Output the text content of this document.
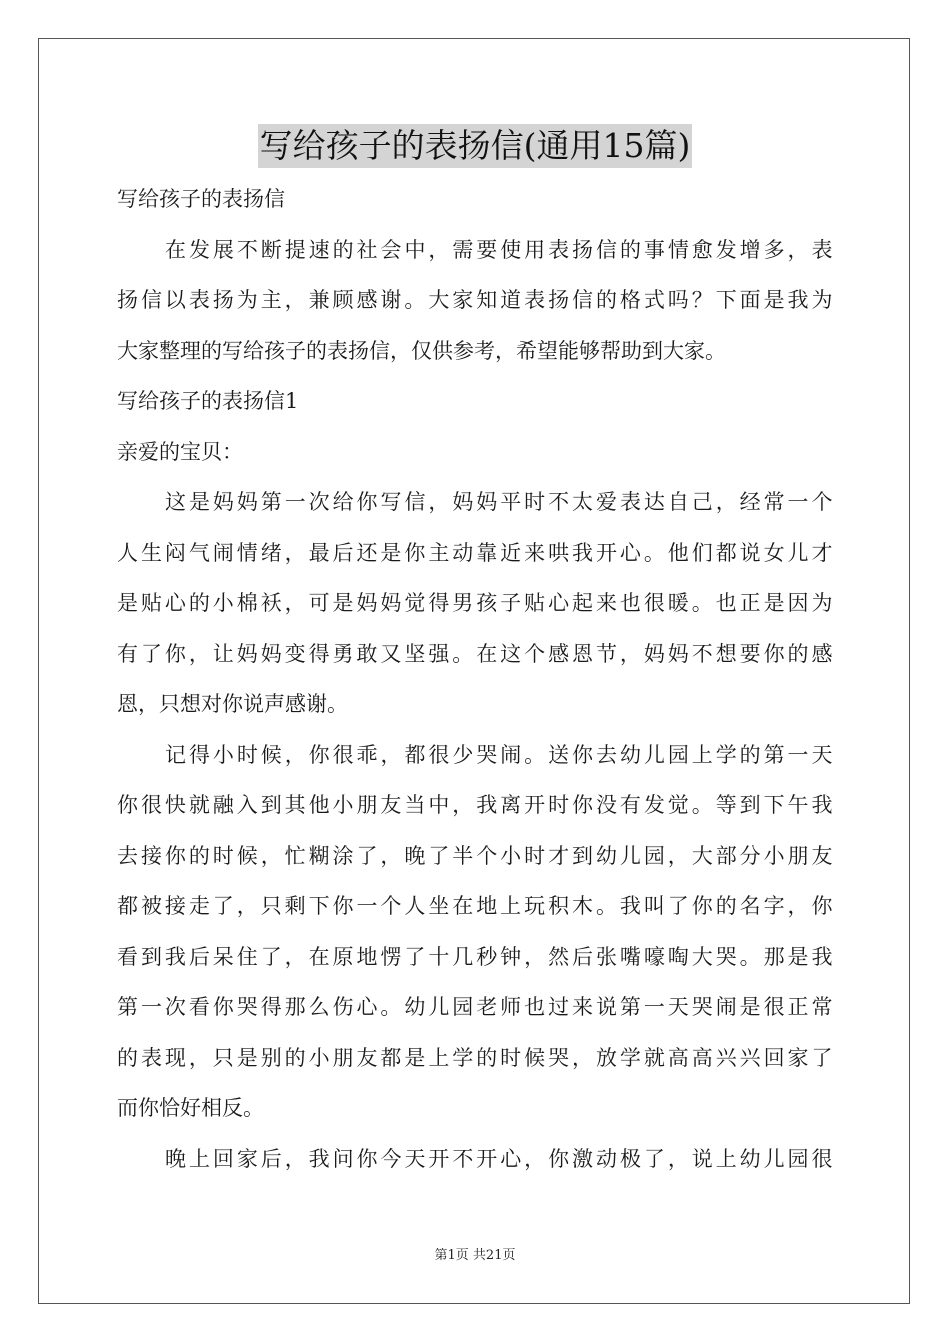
写给孩子的表扬信(通用15篇)
写给孩子的表扬信
在发展不断提速的社会中，需要使用表扬信的事情愈发增多，表
扬信以表扬为主，兼顾感谢。大家知道表扬信的格式吗？下面是我为
大家整理的写给孩子的表扬信，仅供参考，希望能够帮助到大家。
写给孩子的表扬信1
亲爱的宝贝：
这是妈妈第一次给你写信，妈妈平时不太爱表达自己，经常一个
人生闷气闹情绪，最后还是你主动靠近来哄我开心。他们都说女儿才
是贴心的小棉袄，可是妈妈觉得男孩子贴心起来也很暖。也正是因为
有了你，让妈妈变得勇敢又坚强。在这个感恩节，妈妈不想要你的感
恩，只想对你说声感谢。
记得小时候，你很乖，都很少哭闹。送你去幼儿园上学的第一天
你很快就融入到其他小朋友当中，我离开时你没有发觉。等到下午我
去接你的时候，忙糊涂了，晚了半个小时才到幼儿园，大部分小朋友
都被接走了，只剩下你一个人坐在地上玩积木。我叫了你的名字，你
看到我后呆住了，在原地愣了十几秒钟，然后张嘴嚎啕大哭。那是我
第一次看你哭得那么伤心。幼儿园老师也过来说第一天哭闹是很正常
的表现，只是别的小朋友都是上学的时候哭，放学就高高兴兴回家了
而你恰好相反。
晚上回家后，我问你今天开不开心，你激动极了，说上幼儿园很
第1页 共21页
